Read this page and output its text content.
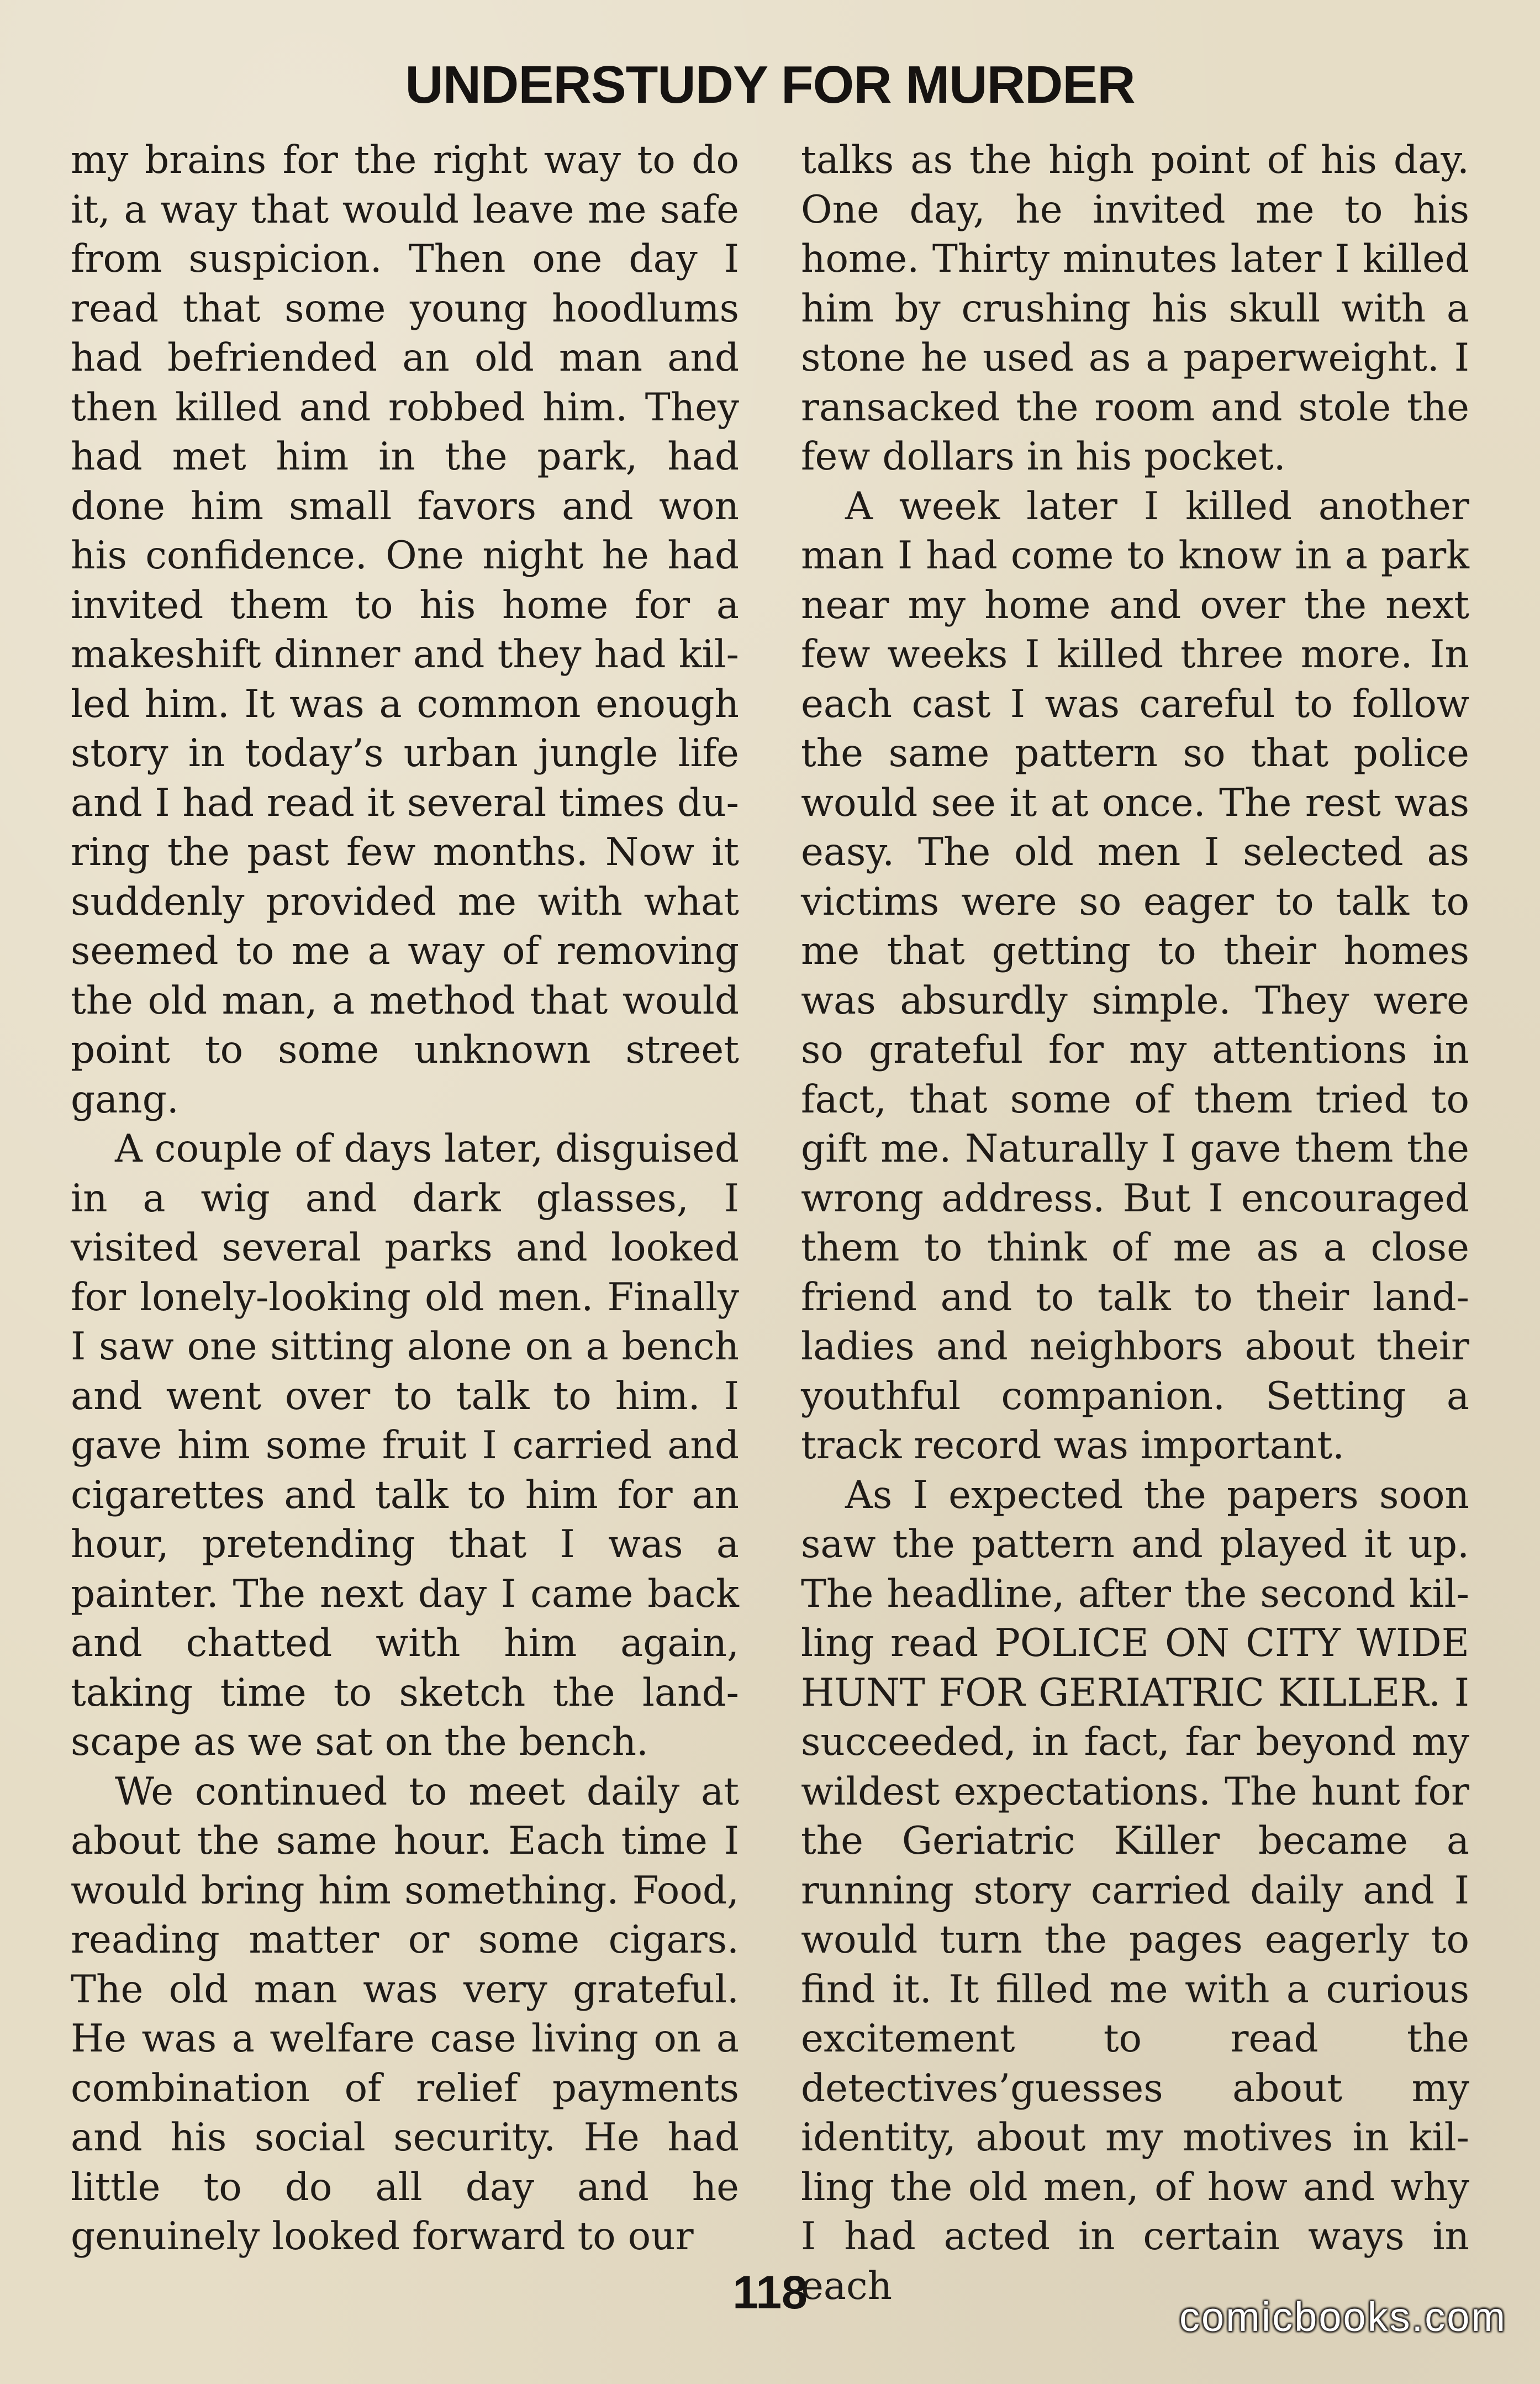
UNDERSTUDY FOR MURDER

my brains for the right way to do it, a way that would leave me safe from suspicion. Then one day I read that some young hoodlums had befriended an old man and then killed and robbed him. They had met him in the park, had done him small favors and won his confidence. One night he had invited them to his home for a makeshift dinner and they had killed him. It was a common enough story in today’s urban jungle life and I had read it several times during the past few months. Now it suddenly provided me with what seemed to me a way of removing the old man, a method that would point to some unknown street gang.

A couple of days later, disguised in a wig and dark glasses, I visited several parks and looked for lonely-looking old men. Finally I saw one sitting alone on a bench and went over to talk to him. I gave him some fruit I carried and cigarettes and talk to him for an hour, pretending that I was a painter. The next day I came back and chatted with him again, taking time to sketch the landscape as we sat on the bench.

We continued to meet daily at about the same hour. Each time I would bring him something. Food, reading matter or some cigars. The old man was very grateful. He was a welfare case living on a combination of relief payments and his social security. He had little to do all day and he genuinely looked forward to our

talks as the high point of his day. One day, he invited me to his home. Thirty minutes later I killed him by crushing his skull with a stone he used as a paperweight. I ransacked the room and stole the few dollars in his pocket.

A week later I killed another man I had come to know in a park near my home and over the next few weeks I killed three more. In each cast I was careful to follow the same pattern so that police would see it at once. The rest was easy. The old men I selected as victims were so eager to talk to me that getting to their homes was absurdly simple. They were so grateful for my attentions in fact, that some of them tried to gift me. Naturally I gave them the wrong address. But I encouraged them to think of me as a close friend and to talk to their landladies and neighbors about their youthful companion. Setting a track record was important.

As I expected the papers soon saw the pattern and played it up. The headline, after the second killing read POLICE ON CITY WIDE HUNT FOR GERIATRIC KILLER. I succeeded, in fact, far beyond my wildest expectations. The hunt for the Geriatric Killer became a running story carried daily and I would turn the pages eagerly to find it. It filled me with a curious excitement to read the detectives’guesses about my identity, about my motives in killing the old men, of how and why I had acted in certain ways in each

118	comicbooks.com
